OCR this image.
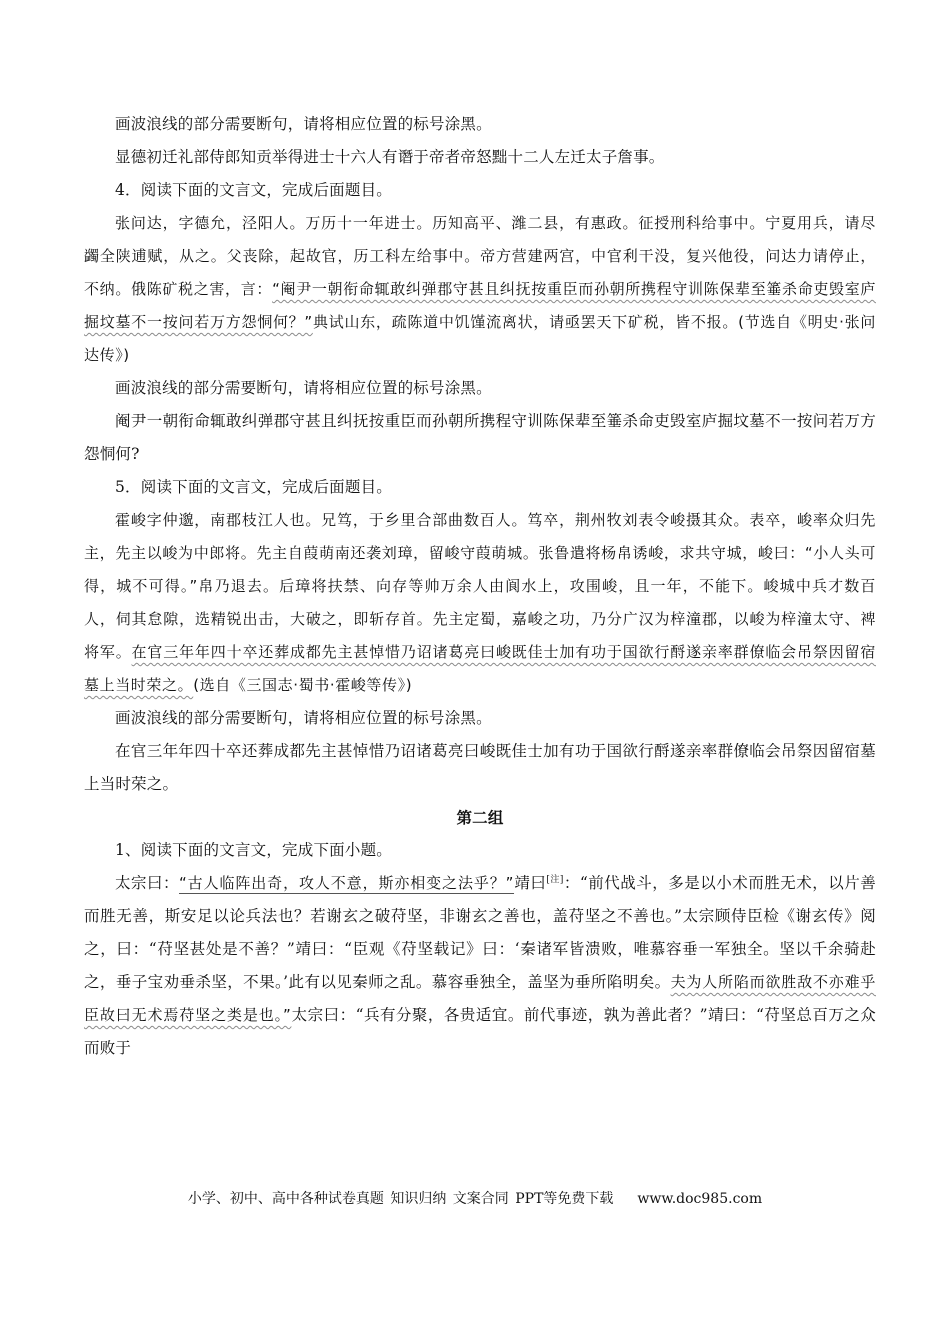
画波浪线的部分需要断句，请将相应位置的标号涂黑。

显德初迁礼部侍郎知贡举得进士十六人有谮于帝者帝怒黜十二人左迁太子詹事。

4．阅读下面的文言文，完成后面题目。

张问达，字德允，泾阳人。万历十一年进士。历知高平、潍二县，有惠政。征授刑科给事中。宁夏用兵，请尽蠲全陕逋赋，从之。父丧除，起故官，历工科左给事中。帝方营建两宫，中官利干没，复兴他役，问达力请停止，不纳。俄陈矿税之害，言：“阉尹一朝衔命辄敢纠弹郡守甚且纠抚按重臣而孙朝所携程守训陈保辈至箠杀命吏毁室庐掘坟墓不一按问若万方怨恫何？”典试山东，疏陈道中饥馑流离状，请亟罢天下矿税，皆不报。(节选自《明史·张问达传》)

画波浪线的部分需要断句，请将相应位置的标号涂黑。

阉尹一朝衔命辄敢纠弹郡守甚且纠抚按重臣而孙朝所携程守训陈保辈至箠杀命吏毁室庐掘坟墓不一按问若万方怨恫何?

5．阅读下面的文言文，完成后面题目。

霍峻字仲邈，南郡枝江人也。兄笃，于乡里合部曲数百人。笃卒，荆州牧刘表令峻摄其众。表卒，峻率众归先主，先主以峻为中郎将。先主自葭萌南还袭刘璋，留峻守葭萌城。张鲁遣将杨帛诱峻，求共守城，峻曰：“小人头可得，城不可得。”帛乃退去。后璋将扶禁、向存等帅万余人由阆水上，攻围峻，且一年，不能下。峻城中兵才数百人，伺其怠隙，选精锐出击，大破之，即斩存首。先主定蜀，嘉峻之功，乃分广汉为梓潼郡，以峻为梓潼太守、裨将军。在官三年年四十卒还葬成都先主甚悼惜乃诏诸葛亮曰峻既佳士加有功于国欲行酹遂亲率群僚临会吊祭因留宿墓上当时荣之。(选自《三国志·蜀书·霍峻等传》)

画波浪线的部分需要断句，请将相应位置的标号涂黑。

在官三年年四十卒还葬成都先主甚悼惜乃诏诸葛亮曰峻既佳士加有功于国欲行酹遂亲率群僚临会吊祭因留宿墓上当时荣之。

第二组

1、阅读下面的文言文，完成下面小题。

太宗曰：“古人临阵出奇，攻人不意，斯亦相变之法乎？”靖曰[注]：“前代战斗，多是以小术而胜无术，以片善而胜无善，斯安足以论兵法也？若谢玄之破苻坚，非谢玄之善也，盖苻坚之不善也。”太宗顾侍臣检《谢玄传》阅之，曰：“苻坚甚处是不善？”靖曰：“臣观《苻坚载记》曰：‘秦诸军皆溃败，唯慕容垂一军独全。坚以千余骑赴之，垂子宝劝垂杀坚，不果。’此有以见秦师之乱。慕容垂独全，盖坚为垂所陷明矣。夫为人所陷而欲胜敌不亦难乎臣故曰无术焉苻坚之类是也。”太宗曰：“兵有分聚，各贵适宜。前代事迹，孰为善此者？”靖曰：“苻坚总百万之众而败于

小学、初中、高中各种试卷真题 知识归纳 文案合同 PPT等免费下载 www.doc985.com
